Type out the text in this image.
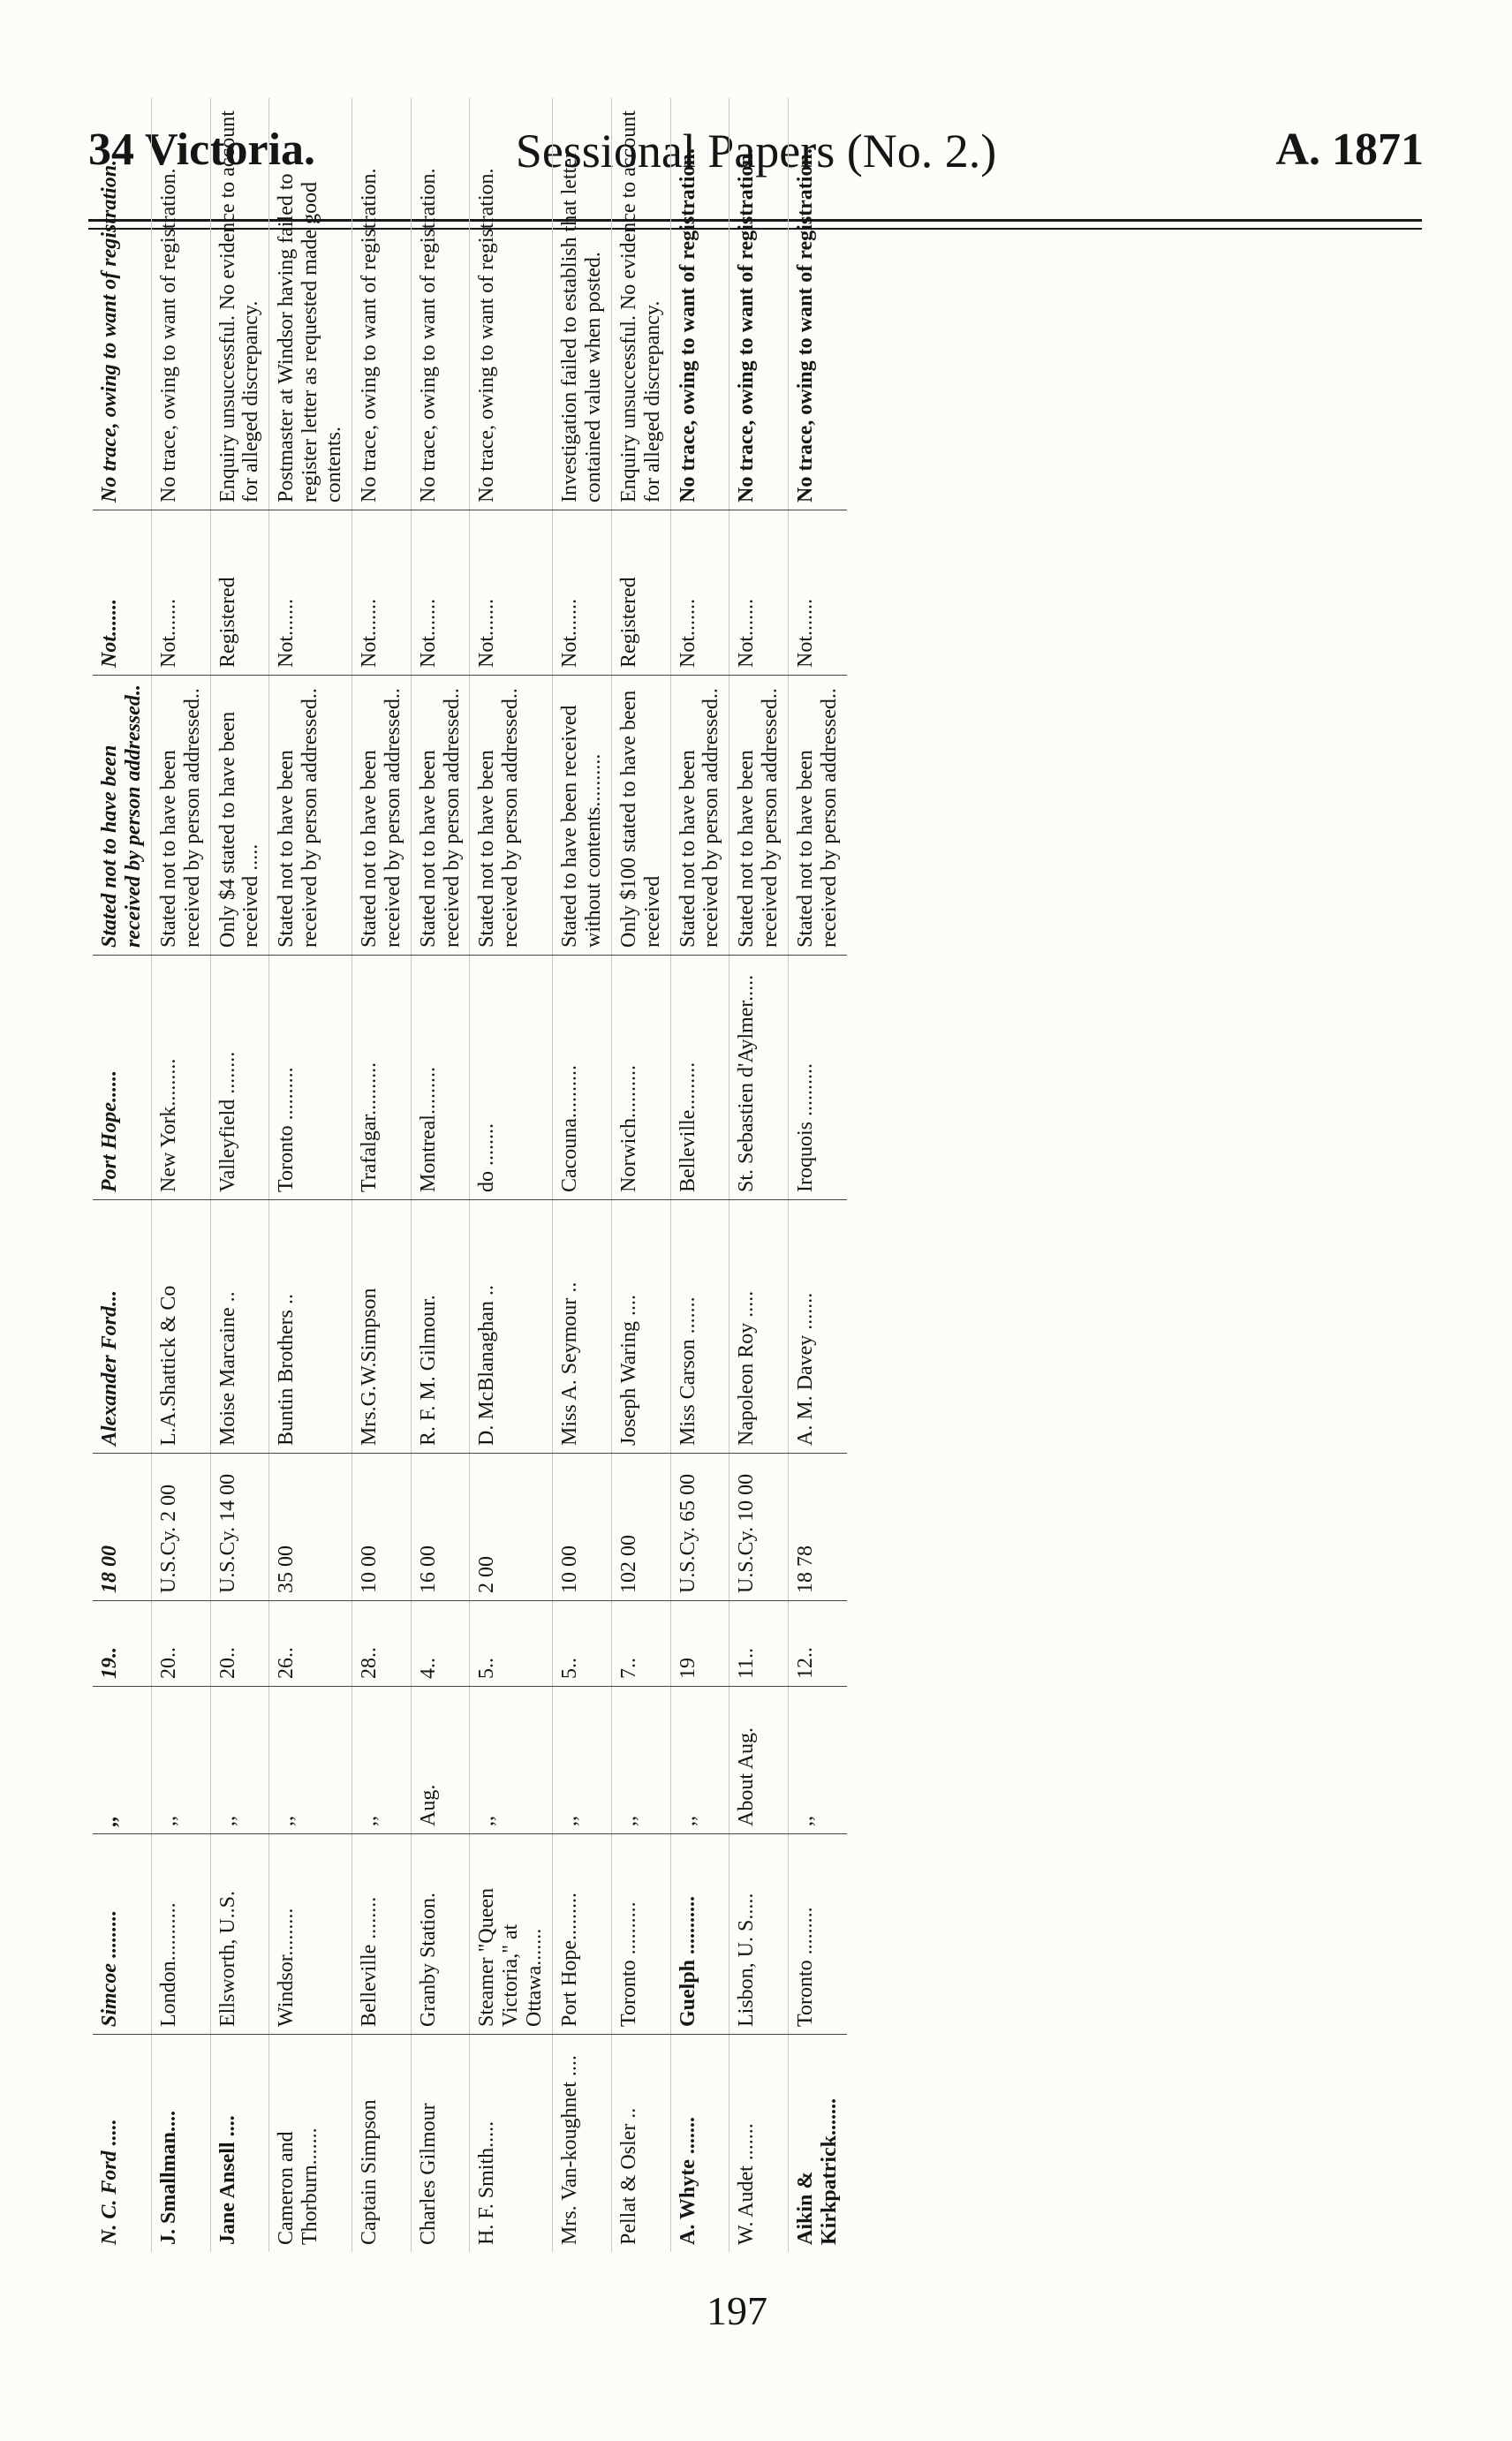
34 Victoria.	Sessional Papers (No. 2.)	A. 1871
N. C. Ford .....	Simcoe .........	,,	19..	18 00	Alexander Ford...	Port Hope......	Stated not to have been received by person addressed..	Not.......	No trace, owing to want of registration.
J. Smallman....	London...........	,,	20..	U.S.Cy. 2 00	L.A.Shattick & Co	New York.........	Stated not to have been received by person addressed..	Not.......	No trace, owing to want of registration.
Jane Ansell ....	Ellsworth, U..S.	,,	20..	U.S.Cy. 14 00	Moise Marcaine ..	Valleyfield ........	Only $4 stated to have been received .....	Registered	Enquiry unsuccessful. No evidence to account for alleged discrepancy.
Cameron and Thorburn.......	Windsor.........	,,	26..	35 00	Buntin Brothers ..	Toronto ..........	Stated not to have been received by person addressed..	Not.......	Postmaster at Windsor having failed to register letter as requested made good contents.
Captain Simpson	Belleville ........	,,	28..	10 00	Mrs.G.W.Simpson	Trafalgar..........	Stated not to have been received by person addressed..	Not.......	No trace, owing to want of registration.
Charles Gilmour	Granby Station.	Aug.	4..	16 00	R. F. M. Gilmour.	Montreal.........	Stated not to have been received by person addressed..	Not.......	No trace, owing to want of registration.
H. F. Smith.....	Steamer "Queen Victoria," at Ottawa.......	,,	5..	2 00	D. McBlanaghan ..	do ........	Stated not to have been received by person addressed..	Not.......	No trace, owing to want of registration.
Mrs. Van-koughnet ....	Port Hope.........	,,	5..	10 00	Miss A. Seymour ..	Cacouna..........	Stated to have been received without contents..........	Not.......	Investigation failed to establish that letter contained value when posted.
Pellat & Osler ..	Toronto ..........	,,	7..	102 00	Joseph Waring ....	Norwich..........	Only $100 stated to have been received	Registered	Enquiry unsuccessful. No evidence to account for alleged discrepancy.
A. Whyte .......	Guelph ...........	,,	19	U.S.Cy. 65 00	Miss Carson .......	Belleville.........	Stated not to have been received by person addressed..	Not.......	No trace, owing to want of registration.
W. Audet .......	Lisbon, U. S.....	About Aug.	11..	U.S.Cy. 10 00	Napoleon Roy .....	St. Sebastien d'Aylmer.....	Stated not to have been received by person addressed..	Not.......	No trace, owing to want of registration.
Aikin & Kirkpatrick.......	Toronto .........	,,	12..	18 78	A. M. Davey .......	Iroquois ..........	Stated not to have been received by person addressed..	Not.......	No trace, owing to want of registration.
197
